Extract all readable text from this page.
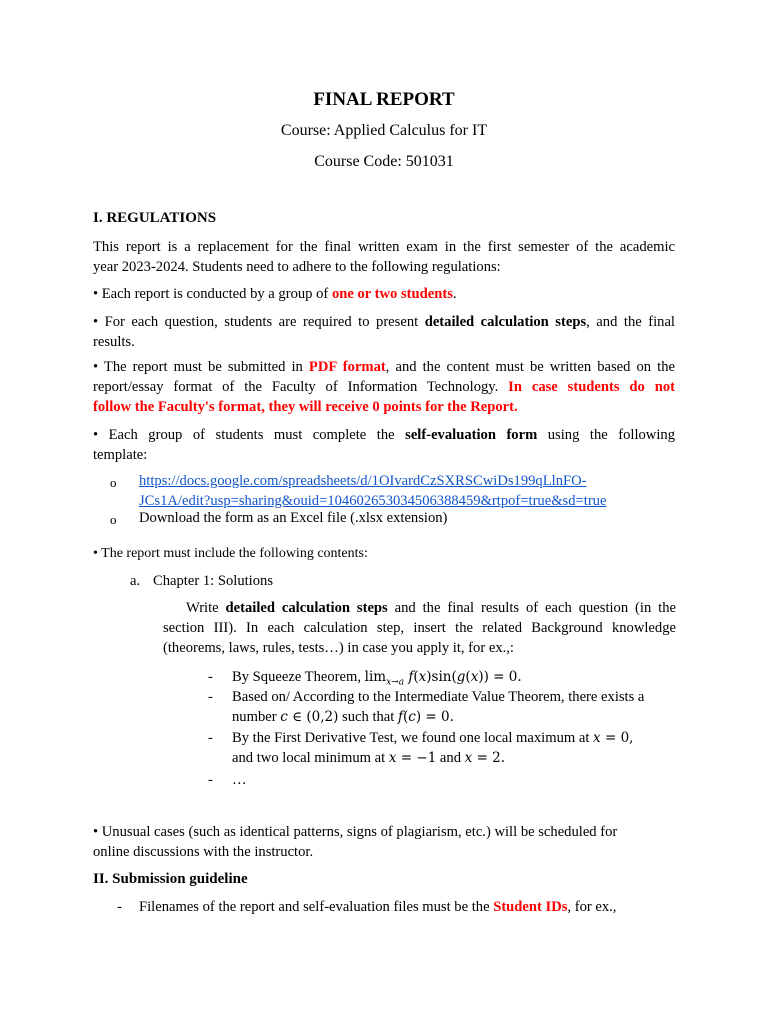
FINAL REPORT
Course: Applied Calculus for IT
Course Code: 501031
I. REGULATIONS
This report is a replacement for the final written exam in the first semester of the academic
year 2023-2024. Students need to adhere to the following regulations:
• Each report is conducted by a group of one or two students.
• For each question, students are required to present detailed calculation steps, and the final
results.
• The report must be submitted in PDF format, and the content must be written based on the
report/essay format of the Faculty of Information Technology. In case students do not
follow the Faculty's format, they will receive 0 points for the Report.
• Each group of students must complete the self-evaluation form using the following
template:
o https://docs.google.com/spreadsheets/d/1OIvardCzSXRSCwiDs199qLlnFO-
JCs1A/edit?usp=sharing&ouid=104602653034506388459&rtpof=true&sd=true
o Download the form as an Excel file (.xlsx extension)
• The report must include the following contents:
a. Chapter 1: Solutions
Write detailed calculation steps and the final results of each question (in the
section III). In each calculation step, insert the related Background knowledge
(theorems, laws, rules, tests…) in case you apply it, for ex.,:
- By Squeeze Theorem, $\lim_{x\to a} f(x)\sin(g(x)) = 0$.
- Based on/ According to the Intermediate Value Theorem, there exists a
number c ∈ (0,2) such that f(c) = 0.
- By the First Derivative Test, we found one local maximum at x = 0,
and two local minimum at x = −1 and x = 2.
- …
• Unusual cases (such as identical patterns, signs of plagiarism, etc.) will be scheduled for
online discussions with the instructor.
II. Submission guideline
- Filenames of the report and self-evaluation files must be the Student IDs, for ex.,
